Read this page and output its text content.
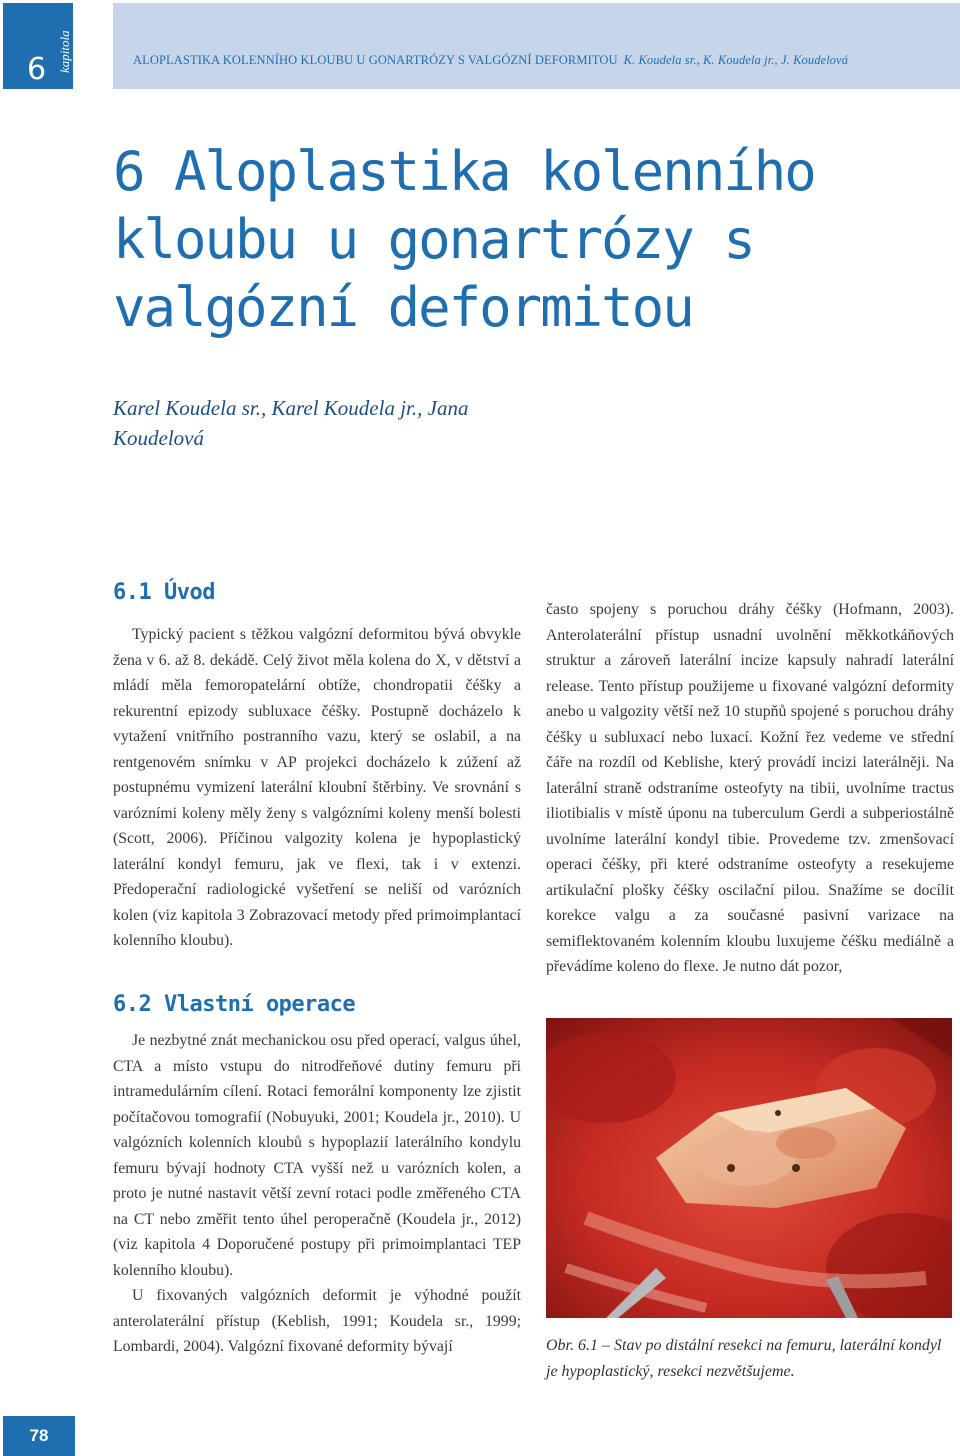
6 kapitola	ALOPLASTIKA KOLENNÍHO KLOUBU U GONARTRÓZY S VALGÓZNÍ DEFORMITOU K. Koudela sr., K. Koudela jr., J. Koudelová
6 Aloplastika kolenního kloubu u gonartrózy s valgózní deformitou

Karel Koudela sr., Karel Koudela jr., Jana Koudelová

6.1 Úvod

Typický pacient s těžkou valgózní deformitou bývá obvykle žena v 6. až 8. dekádě. Celý život měla kolena do X, v dětství a mládí měla femoropatelární obtíže, chondropatii čéšky a rekurentní epizody subluxace čéšky. Postupně docházelo k vytažení vnitřního postranního vazu, který se oslabil, a na rentgenovém snímku v AP projekci docházelo k zúžení až postupnému vymizení laterální kloubní štěrbiny. Ve srovnání s varózními koleny měly ženy s valgózními koleny menší bolesti (Scott, 2006). Příčinou valgozity kolena je hypoplastický laterální kondyl femuru, jak ve flexi, tak i v extenzi. Předoperační radiologické vyšetření se neliší od varózních kolen (viz kapitola 3 Zobrazovací metody před primoimplantací kolenního kloubu).

6.2 Vlastní operace

Je nezbytné znát mechanickou osu před operací, valgus úhel, CTA a místo vstupu do nitrodřeňové dutiny femuru při intramedulárním cílení. Rotaci femorální komponenty lze zjistit počítačovou tomografií (Nobuyuki, 2001; Koudela jr., 2010). U valgózních kolenních kloubů s hypoplazií laterálního kondylu femuru bývají hodnoty CTA vyšší než u varózních kolen, a proto je nutné nastavit větší zevní rotaci podle změřeného CTA na CT nebo změřit tento úhel peroperačně (Koudela jr., 2012) (viz kapitola 4 Doporučené postupy při primoimplantaci TEP kolenního kloubu).

U fixovaných valgózních deformit je výhodné použít anterolaterální přístup (Keblish, 1991; Koudela sr., 1999; Lombardi, 2004). Valgózní fixované deformity bývají

často spojeny s poruchou dráhy čéšky (Hofmann, 2003). Anterolaterální přístup usnadní uvolnění měkkotkáňových struktur a zároveň laterální incize kapsuly nahradí laterální release. Tento přístup použijeme u fixované valgózní deformity anebo u valgozity větší než 10 stupňů spojené s poruchou dráhy čéšky u subluxací nebo luxací. Kožní řez vedeme ve střední čáře na rozdíl od Keblishe, který provádí incizi laterálněji. Na laterální straně odstraníme osteofyty na tibii, uvolníme tractus iliotibialis v místě úponu na tuberculum Gerdi a subperiostálně uvolníme laterální kondyl tibie. Provedeme tzv. zmenšovací operaci čéšky, při které odstraníme osteofyty a resekujeme artikulační plošky čéšky oscilační pilou. Snažíme se docílit korekce valgu a za současné pasivní varizace na semiflektovaném kolenním kloubu luxujeme čéšku mediálně a převádíme koleno do flexe. Je nutno dát pozor,

Obr. 6.1 – Stav po distální resekci na femuru, laterální kondyl je hypoplastický, resekci nezvětšujeme.

78
